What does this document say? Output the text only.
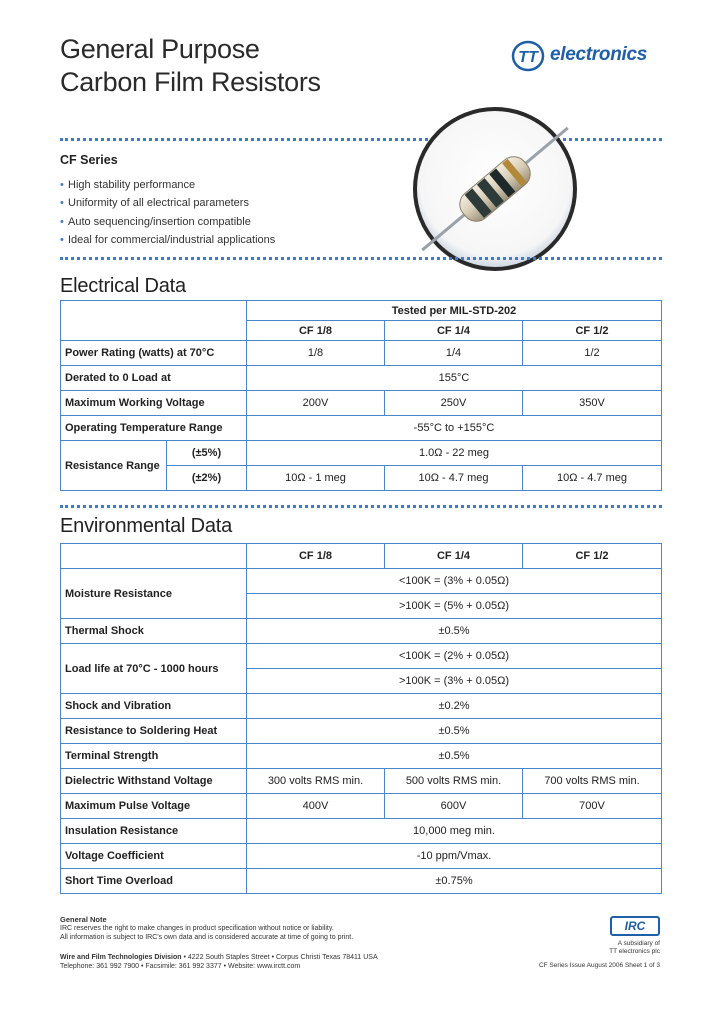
General Purpose
Carbon Film Resistors
TT electronics
CF Series
• High stability performance
• Uniformity of all electrical parameters
• Auto sequencing/insertion compatible
• Ideal for commercial/industrial applications
Electrical Data
		Tested per MIL-STD-202		
		CF 1/8	CF 1/4	CF 1/2
Power Rating (watts) at 70°C		1/8	1/4	1/2
Derated to 0 Load at		155°C		
Maximum Working Voltage		200V	250V	350V
Operating Temperature Range		-55°C to +155°C		
Resistance Range	(±5%)	1.0Ω - 22 meg		
	(±2%)	10Ω - 1 meg	10Ω - 4.7 meg	10Ω - 4.7 meg
Environmental Data
	CF 1/8	CF 1/4	CF 1/2
Moisture Resistance	<100K = (3% + 0.05Ω)		
	>100K = (5% + 0.05Ω)		
Thermal Shock	±0.5%		
Load life at 70°C - 1000 hours	<100K = (2% + 0.05Ω)		
	>100K = (3% + 0.05Ω)		
Shock and Vibration	±0.2%		
Resistance to Soldering Heat	±0.5%		
Terminal Strength	±0.5%		
Dielectric Withstand Voltage	300 volts RMS min.	500 volts RMS min.	700 volts RMS min.
Maximum Pulse Voltage	400V	600V	700V
Insulation Resistance	10,000 meg min.		
Voltage Coefficient	-10 ppm/Vmax.		
Short Time Overload	±0.75%		
General Note
IRC reserves the right to make changes in product specification without notice or liability.
All information is subject to IRC's own data and is considered accurate at time of going to print.
Wire and Film Technologies Division • 4222 South Staples Street • Corpus Christi Texas 78411 USA
Telephone: 361 992 7900 • Facsimile: 361 992 3377 • Website: www.irctt.com
IRC
A subsidiary of
TT electronics plc
CF Series Issue August 2006 Sheet 1 of 3
